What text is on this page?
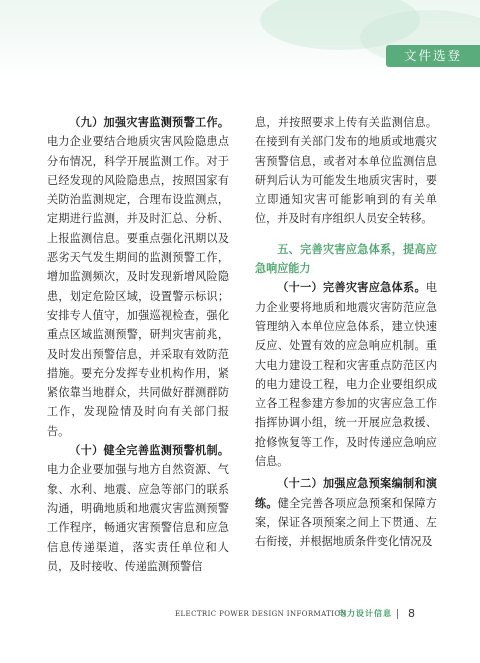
文件选登

（九）加强灾害监测预警工作。电力企业要结合地质灾害风险隐患点分布情况，科学开展监测工作。对于已经发现的风险隐患点，按照国家有关防治监测规定，合理布设监测点，定期进行监测，并及时汇总、分析、上报监测信息。要重点强化汛期以及恶劣天气发生期间的监测预警工作，增加监测频次，及时发现新增风险隐患，划定危险区域，设置警示标识；安排专人值守，加强巡视检查，强化重点区域监测预警，研判灾害前兆，及时发出预警信息，并采取有效防范措施。要充分发挥专业机构作用，紧紧依靠当地群众，共同做好群测群防工作，发现险情及时向有关部门报告。

（十）健全完善监测预警机制。电力企业要加强与地方自然资源、气象、水利、地震、应急等部门的联系沟通，明确地质和地震灾害监测预警工作程序，畅通灾害预警信息和应急信息传递渠道，落实责任单位和人员，及时接收、传递监测预警信

息，并按照要求上传有关监测信息。在接到有关部门发布的地质或地震灾害预警信息，或者对本单位监测信息研判后认为可能发生地质灾害时，要立即通知灾害可能影响到的有关单位，并及时有序组织人员安全转移。

五、完善灾害应急体系，提高应急响应能力

（十一）完善灾害应急体系。电力企业要将地质和地震灾害防范应急管理纳入本单位应急体系，建立快速反应、处置有效的应急响应机制。重大电力建设工程和灾害重点防范区内的电力建设工程，电力企业要组织成立各工程参建方参加的灾害应急工作指挥协调小组，统一开展应急救援、抢修恢复等工作，及时传递应急响应信息。

（十二）加强应急预案编制和演练。健全完善各项应急预案和保障方案，保证各项预案之间上下贯通、左右衔接，并根据地质条件变化情况及

ELECTRIC POWER DESIGN INFORMATION
电力设计信息 8
